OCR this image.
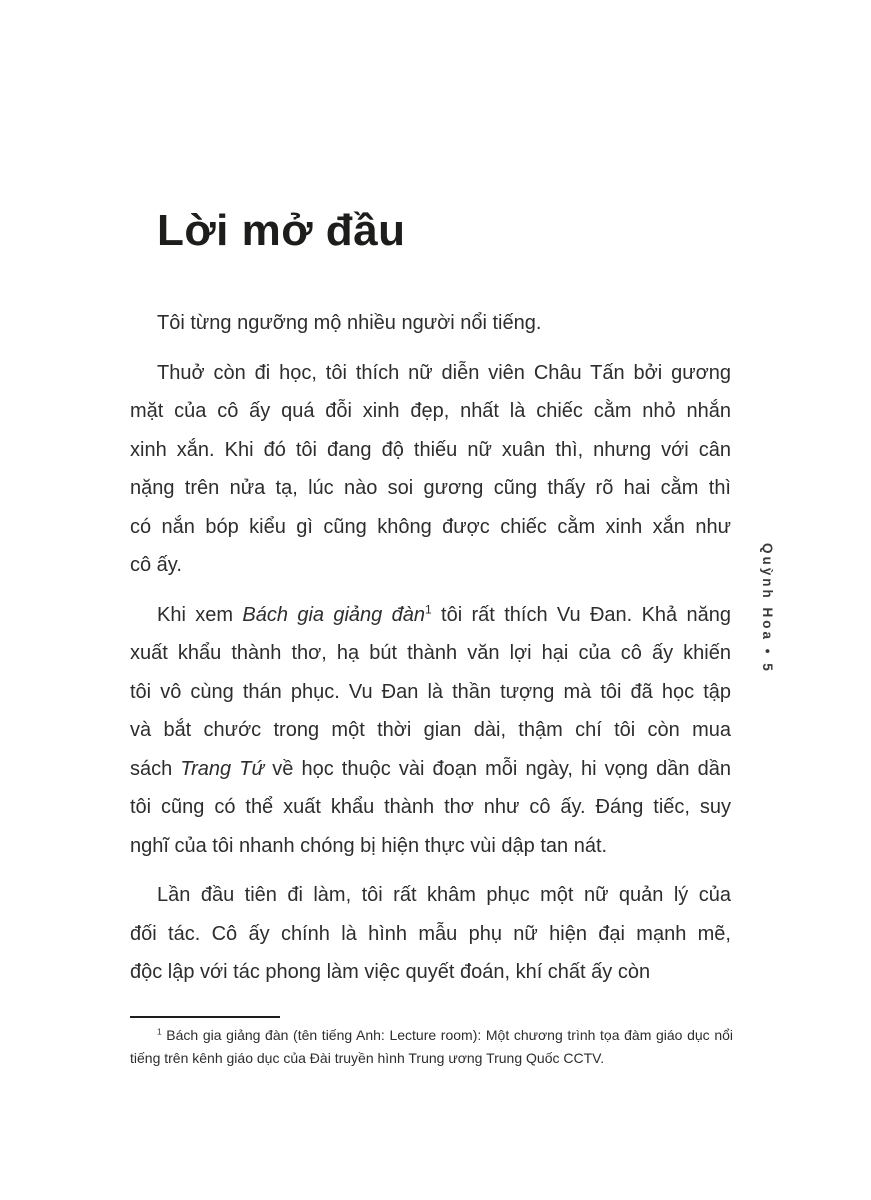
Lời mở đầu
Tôi từng ngưỡng mộ nhiều người nổi tiếng.
Thuở còn đi học, tôi thích nữ diễn viên Châu Tấn bởi gương
mặt của cô ấy quá đỗi xinh đẹp, nhất là chiếc cằm nhỏ nhắn
xinh xắn. Khi đó tôi đang độ thiếu nữ xuân thì, nhưng với cân
nặng trên nửa tạ, lúc nào soi gương cũng thấy rõ hai cằm thì
có nắn bóp kiểu gì cũng không được chiếc cằm xinh xắn như
cô ấy.
Khi xem Bách gia giảng đàn$^1$ tôi rất thích Vu Đan. Khả năng
xuất khẩu thành thơ, hạ bút thành văn lợi hại của cô ấy khiến
tôi vô cùng thán phục. Vu Đan là thần tượng mà tôi đã học tập
và bắt chước trong một thời gian dài, thậm chí tôi còn mua
sách Trang Tứ về học thuộc vài đoạn mỗi ngày, hi vọng dần dần
tôi cũng có thể xuất khẩu thành thơ như cô ấy. Đáng tiếc, suy
nghĩ của tôi nhanh chóng bị hiện thực vùi dập tan nát.
Lần đầu tiên đi làm, tôi rất khâm phục một nữ quản lý của
đối tác. Cô ấy chính là hình mẫu phụ nữ hiện đại mạnh mẽ,
độc lập với tác phong làm việc quyết đoán, khí chất ấy còn
$^1$ Bách gia giảng đàn (tên tiếng Anh: Lecture room): Một chương trình tọa đàm giáo dục nổi
tiếng trên kênh giáo dục của Đài truyền hình Trung ương Trung Quốc CCTV.
Quỳnh Hoa • 5
